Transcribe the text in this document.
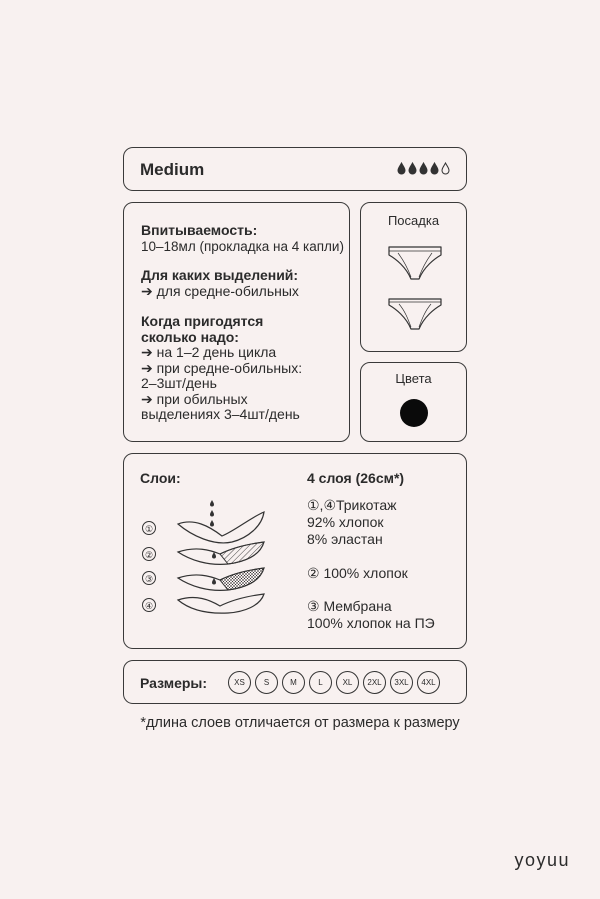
Medium
Впитываемость:
10–18мл (прокладка на 4 капли)
Для каких выделений:
➔ для средне-обильных
Когда пригодятся
сколько надо:
➔ на 1–2 день цикла
➔ при средне-обильных:
2–3шт/день
➔ при обильных
выделениях 3–4шт/день
Посадка
Цвета
Слои:	4 слоя (26см*)
①
②
③
④
①,④Трикотаж
92% хлопок
8% эластан
② 100% хлопок
③ Мембрана
100% хлопок на ПЭ
Размеры:	XS	S	M	L	XL	2XL	3XL	4XL
*длина слоев отличается от размера к размеру
yoyuu
